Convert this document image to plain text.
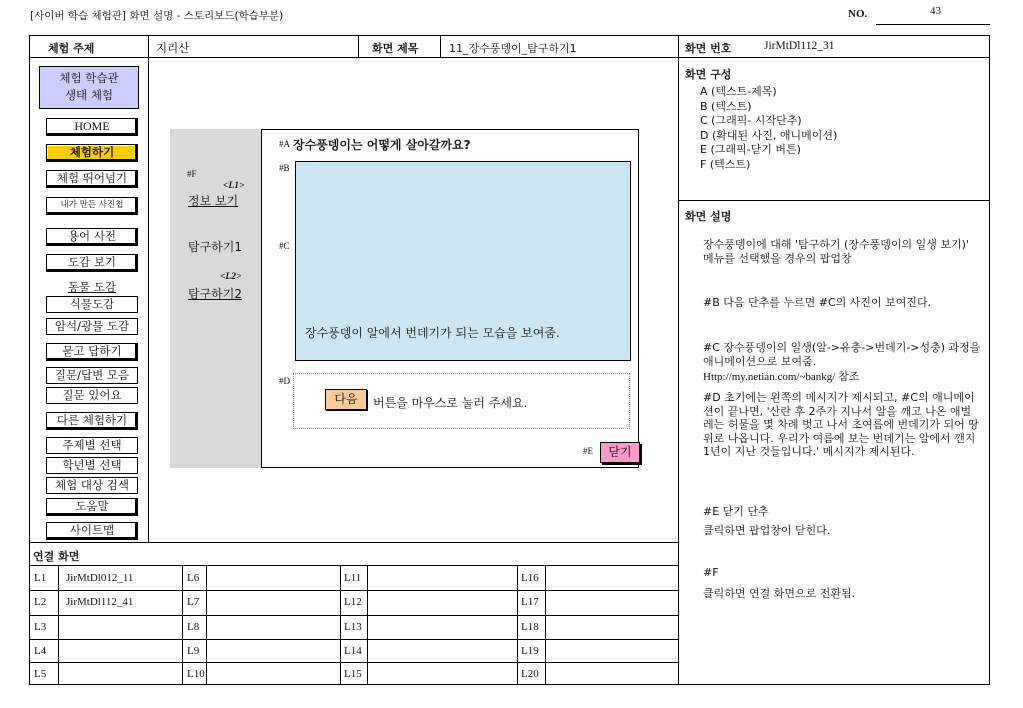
[사이버 학습 체험관] 화면 설명 - 스토리보드(학습부분)	NO.	43
체험 주제	지리산	화면 제목	11_장수풍뎅이_탐구하기1	화면 번호	JirMtDl112_31
체험 학습관
생태 체험
HOME
체험하기
체험 뛰어넘기
내가 만든 사진첩
용어 사전
도감 보기
동물 도감
식물도감
암석/광물 도감
묻고 답하기
질문/답변 모음
질문 있어요
다른 체험하기
주제별 선택
학년별 선택
체험 대상 검색
도움말
사이트맵
#F
<L1>
정보 보기
탐구하기1
<L2>
탐구하기2
#A 장수풍뎅이는 어떻게 살아갈까요?
#B
#C
장수풍뎅이 알에서 번데기가 되는 모습을 보여줌.
#D
다음	버튼을 마우스로 눌러 주세요.
#E	닫기
연결 화면
L1 JirMtDl012_11	L6	L11	L16
L2 JirMtDl112_41	L7	L12	L17
L3	L8	L13	L18
L4	L9	L14	L19
L5	L10	L15	L20
화면 구성
A (텍스트-제목)
B (텍스트)
C (그래픽- 시작단추)
D (확대된 사진, 애니메이션)
E (그래픽-닫기 버튼)
F (텍스트)
화면 설명
장수풍뎅이에 대해 '탐구하기 (장수풍뎅이의 일생 보기)' 메뉴를 선택했을 경우의 팝업창
#B 다음 단추를 누르면 #C의 사진이 보여진다.
#C 장수풍뎅이의 일생(알->유충->번데기->성충) 과정을 애니메이션으로 보여줌.
Http://my.netian.com/~bankg/ 참조
#D 초기에는 왼쪽의 메시지가 제시되고, #C의 애니메이션이 끝나면, '산란 후 2주가 지나서 알을 깨고 나온 애벌레는 허물을 몇 차례 벗고 나서 초여름에 번데기가 되어 땅 위로 나옵니다. 우리가 여름에 보는 번데기는 알에서 깬지 1년이 지난 것들입니다.' 메시지가 제시된다.
#E 닫기 단추
클릭하면 팝업창이 닫힌다.
#F
클릭하면 연결 화면으로 전환됨.
